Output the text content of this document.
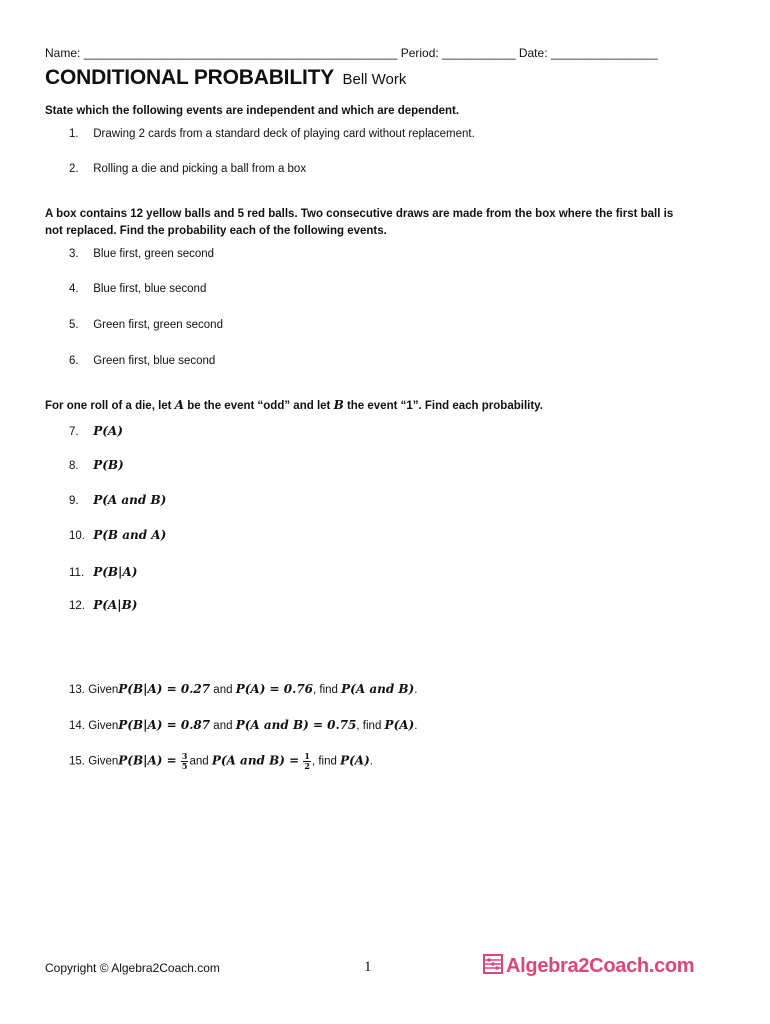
Name: _______________________________________________ Period: ___________ Date: ________________
CONDITIONAL PROBABILITY Bell Work
State which the following events are independent and which are dependent.
1. Drawing 2 cards from a standard deck of playing card without replacement.
2. Rolling a die and picking a ball from a box
A box contains 12 yellow balls and 5 red balls. Two consecutive draws are made from the box where the first ball is
not replaced. Find the probability each of the following events.
3. Blue first, green second
4. Blue first, blue second
5. Green first, green second
6. Green first, blue second
For one roll of a die, let A be the event “odd” and let B the event “1”. Find each probability.
7. P(A)
8. P(B)
9. P(A and B)
10. P(B and A)
11. P(B|A)
12. P(A|B)
13. GivenP(B|A) = 0.27 and P(A) = 0.76, find P(A and B).
14. GivenP(B|A) = 0.87 and P(A and B) = 0.75, find P(A).
15. GivenP(B|A) = $\frac{3}{5}$ and P(A and $B) = \frac{1}{2}$ , find P(A).
Copyright © Algebra2Coach.com	1	Algebra2Coach.com
